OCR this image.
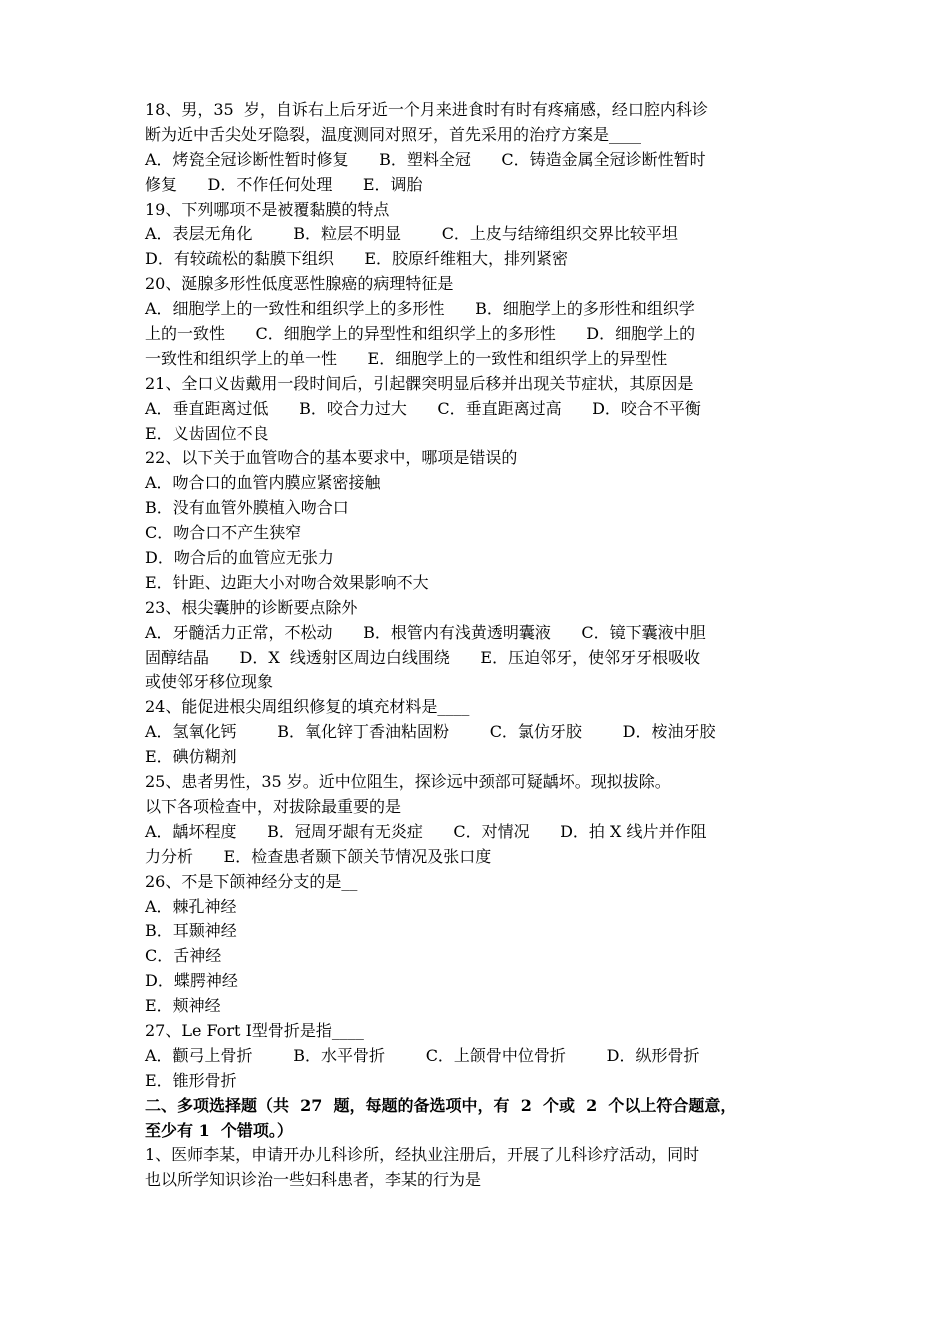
18、男，35  岁，自诉右上后牙近一个月来进食时有时有疼痛感，经口腔内科诊
断为近中舌尖处牙隐裂，温度测同对照牙，首先采用的治疗方案是____
A．烤瓷全冠诊断性暂时修复      B．塑料全冠      C．铸造金属全冠诊断性暂时
修复      D．不作任何处理      E．调胎
19、下列哪项不是被覆黏膜的特点
A．表层无角化        B．粒层不明显        C．上皮与结缔组织交界比较平坦
D．有较疏松的黏膜下组织      E．胶原纤维粗大，排列紧密
20、涎腺多形性低度恶性腺癌的病理特征是
A．细胞学上的一致性和组织学上的多形性      B．细胞学上的多形性和组织学
上的一致性      C．细胞学上的异型性和组织学上的多形性      D．细胞学上的
一致性和组织学上的单一性      E．细胞学上的一致性和组织学上的异型性
21、全口义齿戴用一段时间后，引起髁突明显后移并出现关节症状，其原因是
A．垂直距离过低      B．咬合力过大      C．垂直距离过高      D．咬合不平衡
E．义齿固位不良
22、以下关于血管吻合的基本要求中，哪项是错误的
A．吻合口的血管内膜应紧密接触
B．没有血管外膜植入吻合口
C．吻合口不产生狭窄
D．吻合后的血管应无张力
E．针距、边距大小对吻合效果影响不大
23、根尖囊肿的诊断要点除外
A．牙髓活力正常，不松动      B．根管内有浅黄透明囊液      C．镜下囊液中胆
固醇结晶      D．X  线透射区周边白线围绕      E．压迫邻牙，使邻牙牙根吸收
或使邻牙移位现象
24、能促进根尖周组织修复的填充材料是____
A．氢氧化钙        B．氧化锌丁香油粘固粉        C．氯仿牙胶        D．桉油牙胶
E．碘仿糊剂
25、患者男性，35 岁。近中位阻生，探诊远中颈部可疑龋坏。现拟拔除。
以下各项检查中，对拔除最重要的是
A．龋坏程度      B．冠周牙龈有无炎症      C．对情况      D．拍 X 线片并作阻
力分析      E．检查患者颞下颌关节情况及张口度
26、不是下颌神经分支的是__
A．棘孔神经
B．耳颞神经
C．舌神经
D．蝶腭神经
E．颊神经
27、Le Fort Ⅰ型骨折是指____
A．颧弓上骨折        B．水平骨折        C．上颌骨中位骨折        D．纵形骨折
E．锥形骨折
二、多项选择题（共  27  题，每题的备选项中，有  2  个或  2  个以上符合题意，
至少有 1  个错项。）
1、医师李某，申请开办儿科诊所，经执业注册后，开展了儿科诊疗活动，同时
也以所学知识诊治一些妇科患者，李某的行为是
